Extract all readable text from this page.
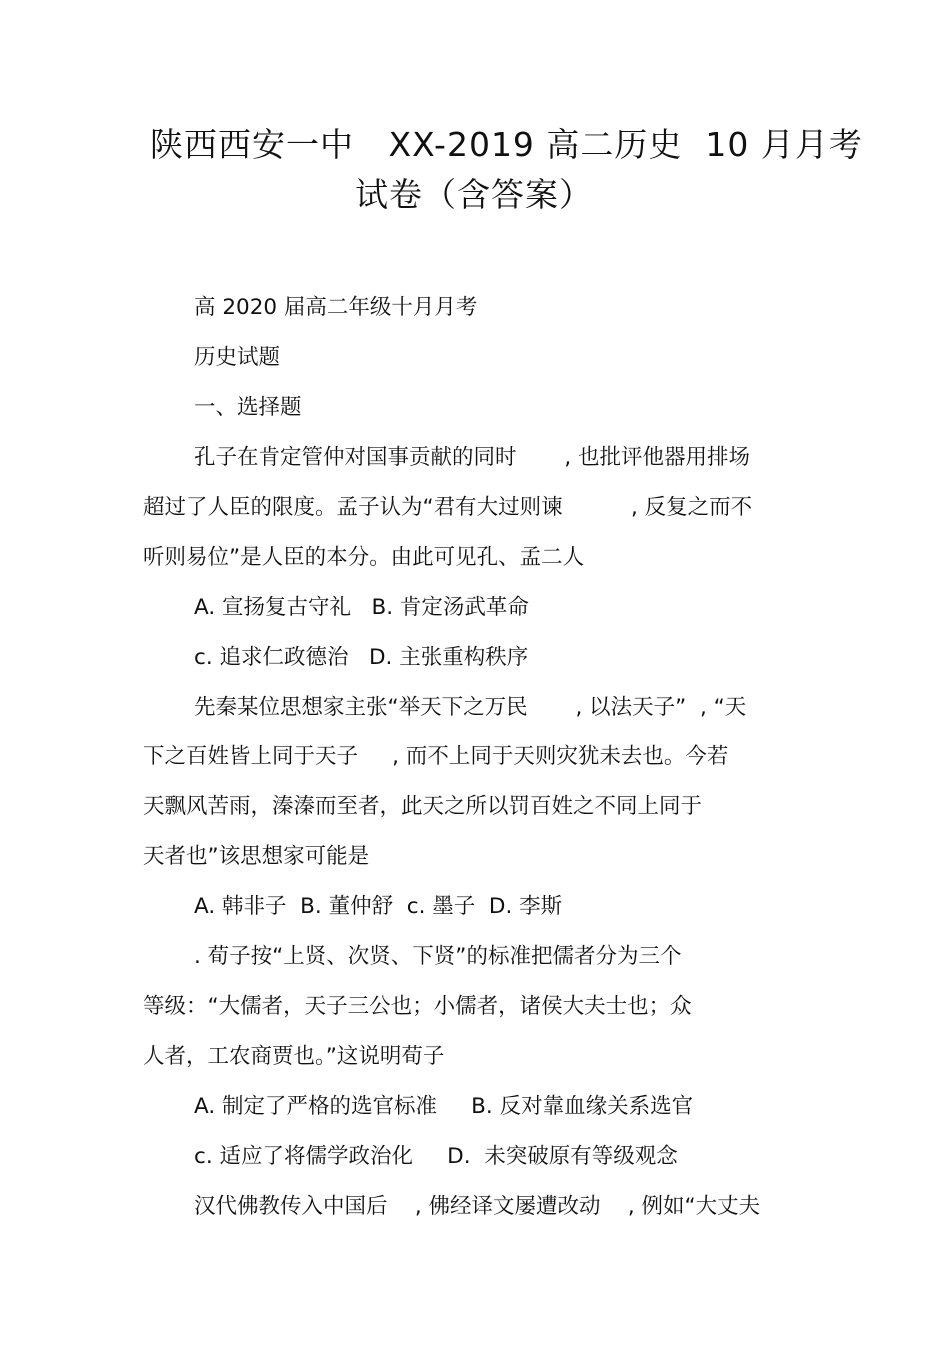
陕西西安一中   XX-2019 高二历史  10 月月考
试卷（含答案）
高 2020 届高二年级十月月考
历史试题
一、选择题
孔子在肯定管仲对国事贡献的同时       , 也批评他器用排场
超过了人臣的限度。孟子认为“君有大过则谏          , 反复之而不
听则易位”是人臣的本分。由此可见孔、孟二人
A. 宣扬复古守礼   B. 肯定汤武革命
c. 追求仁政德治   D. 主张重构秩序
先秦某位思想家主张“举天下之万民       , 以法天子”  , “天
下之百姓皆上同于天子     , 而不上同于天则灾犹未去也。今若
天飘风苦雨，溱溱而至者，此天之所以罚百姓之不同上同于
天者也”该思想家可能是
A. 韩非子  B. 董仲舒  c. 墨子  D. 李斯
. 荀子按“上贤、次贤、下贤”的标准把儒者分为三个
等级：“大儒者，天子三公也；小儒者，诸侯大夫士也；众
人者，工农商贾也。”这说明荀子
A. 制定了严格的选官标准     B. 反对靠血缘关系选官
c. 适应了将儒学政治化     D.  未突破原有等级观念
汉代佛教传入中国后    , 佛经译文屡遭改动    , 例如“大丈夫
